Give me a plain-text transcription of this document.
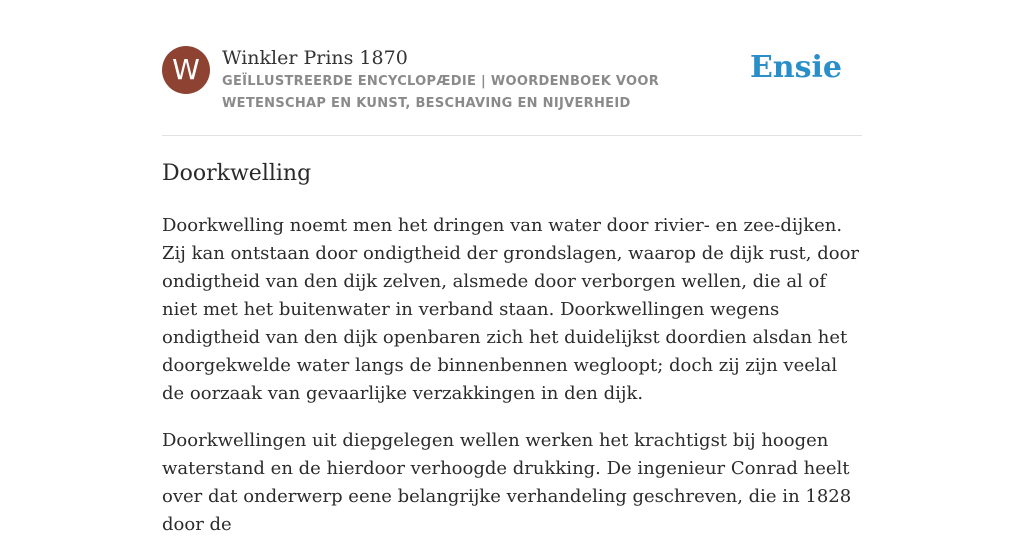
W	Winkler Prins 1870
GEÏLLUSTREERDE ENCYCLOPÆDIE | WOORDENBOEK VOOR WETENSCHAP EN KUNST, BESCHAVING EN NIJVERHEID
Ensie
Doorkwelling

Doorkwelling noemt men het dringen van water door rivier- en zee-dijken. Zij kan ontstaan door ondigtheid der grondslagen, waarop de dijk rust, door ondigtheid van den dijk zelven, alsmede door verborgen wellen, die al of niet met het buitenwater in verband staan. Doorkwellingen wegens ondigtheid van den dijk openbaren zich het duidelijkst doordien alsdan het doorgekwelde water langs de binnenbennen wegloopt; doch zij zijn veelal de oorzaak van gevaarlijke verzakkingen in den dijk.

Doorkwellingen uit diepgelegen wellen werken het krachtigst bij hoogen waterstand en de hierdoor verhoogde drukking. De ingenieur Conrad heelt over dat onderwerp eene belangrijke verhandeling geschreven, die in 1828 door de
